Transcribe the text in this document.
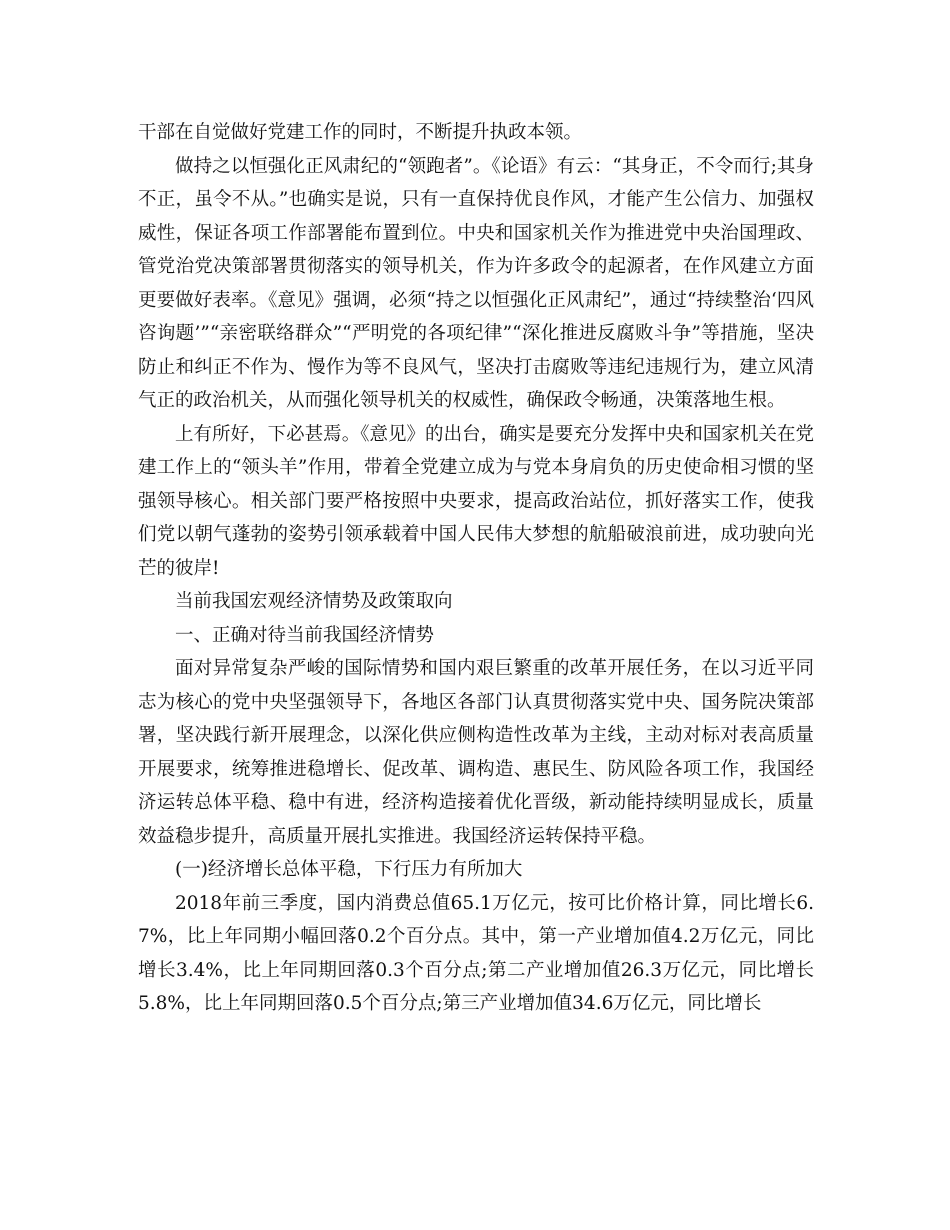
干部在自觉做好党建工作的同时，不断提升执政本领。

做持之以恒强化正风肃纪的“领跑者”。《论语》有云：“其身正，不令而行;其身不正，虽令不从。”也确实是说，只有一直保持优良作风，才能产生公信力、加强权威性，保证各项工作部署能布置到位。中央和国家机关作为推进党中央治国理政、管党治党决策部署贯彻落实的领导机关，作为许多政令的起源者，在作风建立方面更要做好表率。《意见》强调，必须“持之以恒强化正风肃纪”，通过“持续整治‘四风咨询题’”“亲密联络群众”“严明党的各项纪律”“深化推进反腐败斗争”等措施，坚决防止和纠正不作为、慢作为等不良风气，坚决打击腐败等违纪违规行为，建立风清气正的政治机关，从而强化领导机关的权威性，确保政令畅通，决策落地生根。

上有所好，下必甚焉。《意见》的出台，确实是要充分发挥中央和国家机关在党建工作上的“领头羊”作用，带着全党建立成为与党本身肩负的历史使命相习惯的坚强领导核心。相关部门要严格按照中央要求，提高政治站位，抓好落实工作，使我们党以朝气蓬勃的姿势引领承载着中国人民伟大梦想的航船破浪前进，成功驶向光芒的彼岸!

当前我国宏观经济情势及政策取向

一、正确对待当前我国经济情势

面对异常复杂严峻的国际情势和国内艰巨繁重的改革开展任务，在以习近平同志为核心的党中央坚强领导下，各地区各部门认真贯彻落实党中央、国务院决策部署，坚决践行新开展理念，以深化供应侧构造性改革为主线，主动对标对表高质量开展要求，统筹推进稳增长、促改革、调构造、惠民生、防风险各项工作，我国经济运转总体平稳、稳中有进，经济构造接着优化晋级，新动能持续明显成长，质量效益稳步提升，高质量开展扎实推进。我国经济运转保持平稳。

(一)经济增长总体平稳，下行压力有所加大

2018年前三季度，国内消费总值65.1万亿元，按可比价格计算，同比增长6.7%，比上年同期小幅回落0.2个百分点。其中，第一产业增加值4.2万亿元，同比增长3.4%，比上年同期回落0.3个百分点;第二产业增加值26.3万亿元，同比增长5.8%，比上年同期回落0.5个百分点;第三产业增加值34.6万亿元，同比增长
